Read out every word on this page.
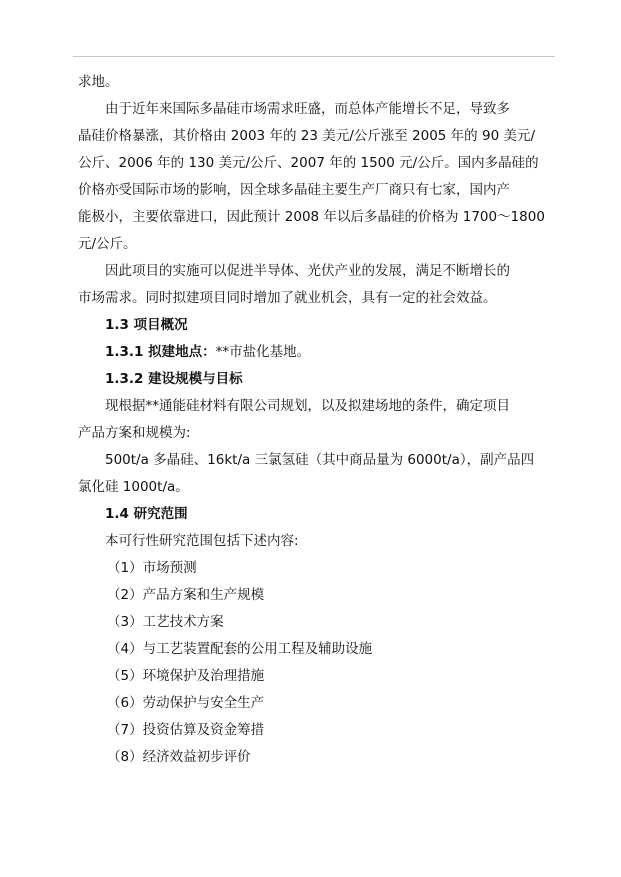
求地。
由于近年来国际多晶硅市场需求旺盛，而总体产能增长不足，导致多
晶硅价格暴涨，其价格由 2003 年的 23 美元/公斤涨至 2005 年的 90 美元/
公斤、2006 年的 130 美元/公斤、2007 年的 1500 元/公斤。国内多晶硅的
价格亦受国际市场的影响，因全球多晶硅主要生产厂商只有七家，国内产
能极小，主要依靠进口，因此预计 2008 年以后多晶硅的价格为 1700～1800
元/公斤。
因此项目的实施可以促进半导体、光伏产业的发展，满足不断增长的
市场需求。同时拟建项目同时增加了就业机会，具有一定的社会效益。
1.3 项目概况
1.3.1 拟建地点：**市盐化基地。
1.3.2 建设规模与目标
现根据**通能硅材料有限公司规划，以及拟建场地的条件，确定项目
产品方案和规模为:
500t/a 多晶硅、16kt/a 三氯氢硅（其中商品量为 6000t/a），副产品四
氯化硅 1000t/a。
1.4 研究范围
本可行性研究范围包括下述内容:
（1）市场预测
（2）产品方案和生产规模
（3）工艺技术方案
（4）与工艺装置配套的公用工程及辅助设施
（5）环境保护及治理措施
（6）劳动保护与安全生产
（7）投资估算及资金筹措
（8）经济效益初步评价
